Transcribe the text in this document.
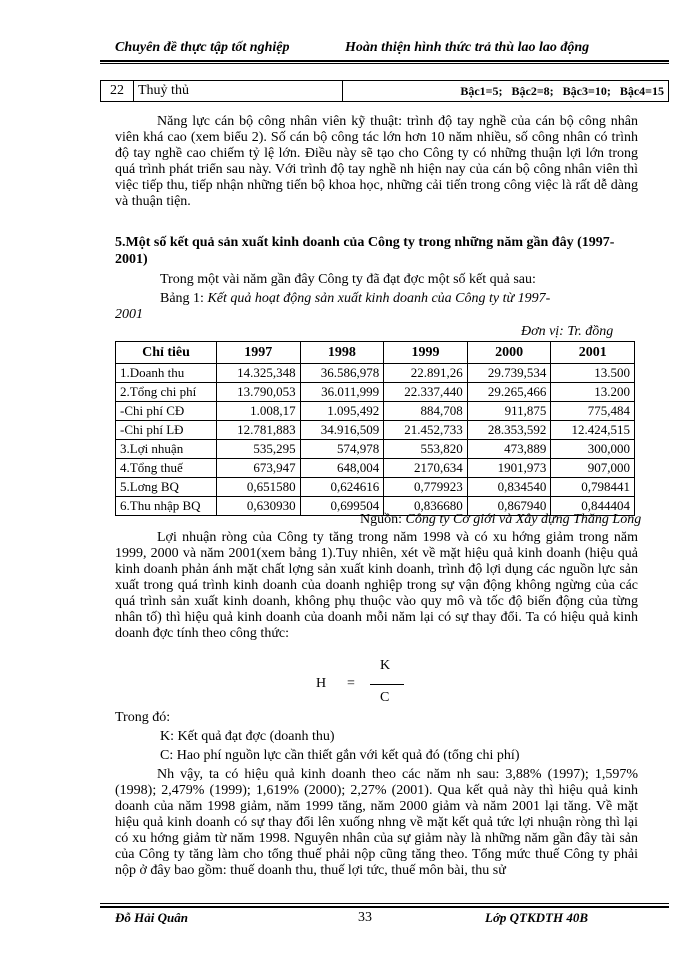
Chuyên đề thực tập tốt nghiệp	Hoàn thiện hình thức trả thù lao lao động
22	Thuỷ thủ	Bậc1=5; Bậc2=8; Bậc3=10; Bậc4=15

Năng lực cán bộ công nhân viên kỹ thuật: trình độ tay nghề của cán bộ công nhân viên khá cao (xem biểu 2). Số cán bộ công tác lớn hơn 10 năm nhiều, số công nhân có trình độ tay nghề cao chiếm tỷ lệ lớn. Điều này sẽ tạo cho Công ty có những thuận lợi lớn trong quá trình phát triển sau này. Với trình độ tay nghề nh hiện nay của cán bộ công nhân viên thì việc tiếp thu, tiếp nhận những tiến bộ khoa học, những cải tiến trong công việc là rất dễ dàng và thuận tiện.

5.Một số kết quả sản xuất kinh doanh của Công ty trong những năm gần đây (1997-2001)

Trong một vài năm gần đây Công ty đã đạt đợc một số kết quả sau:

Bảng 1: Kết quả hoạt động sản xuất kinh doanh của Công ty từ 1997-

2001

Đơn vị: Tr. đồng

Chỉ tiêu	1997	1998	1999	2000	2001
1.Doanh thu	14.325,348	36.586,978	22.891,26	29.739,534	13.500
2.Tổng chi phí	13.790,053	36.011,999	22.337,440	29.265,466	13.200
-Chi phí CĐ	1.008,17	1.095,492	884,708	911,875	775,484
-Chi phí LĐ	12.781,883	34.916,509	21.452,733	28.353,592	12.424,515
3.Lợi nhuận	535,295	574,978	553,820	473,889	300,000
4.Tổng thuế	673,947	648,004	2170,634	1901,973	907,000
5.Lơng BQ	0,651580	0,624616	0,779923	0,834540	0,798441
6.Thu nhập BQ	0,630930	0,699504	0,836680	0,867940	0,844404

Nguồn: Công ty Cơ giới và Xây dựng Thăng Long

Lợi nhuận ròng của Công ty tăng trong năm 1998 và có xu hớng giảm trong năm 1999, 2000 và năm 2001(xem bảng 1).Tuy nhiên, xét về mặt hiệu quả kinh doanh (hiệu quả kinh doanh phản ánh mặt chất lợng sản xuất kinh doanh, trình độ lợi dụng các nguồn lực sản xuất trong quá trình kinh doanh của doanh nghiệp trong sự vận động không ngừng của các quá trình sản xuất kinh doanh, không phụ thuộc vào quy mô và tốc độ biến động của từng nhân tố) thì hiệu quả kinh doanh của doanh mỗi năm lại có sự thay đổi. Ta có hiệu quả kinh doanh đợc tính theo công thức:

H =
K
C

Trong đó:

K: Kết quả đạt đợc (doanh thu)

C: Hao phí nguồn lực cần thiết gắn với kết quả đó (tổng chi phí)

Nh vậy, ta có hiệu quả kinh doanh theo các năm nh sau: 3,88% (1997); 1,597% (1998); 2,479% (1999); 1,619% (2000); 2,27% (2001). Qua kết quả này thì hiệu quả kinh doanh của năm 1998 giảm, năm 1999 tăng, năm 2000 giảm và năm 2001 lại tăng. Về mặt hiệu quả kinh doanh có sự thay đổi lên xuống nhng về mặt kết quả tức lợi nhuận ròng thì lại có xu hớng giảm từ năm 1998. Nguyên nhân của sự giảm này là những năm gần đây tài sản của Công ty tăng làm cho tổng thuế phải nộp cũng tăng theo. Tổng mức thuế Công ty phải nộp ở đây bao gồm: thuế doanh thu, thuế lợi tức, thuế môn bài, thu sử

Đỗ Hải Quân	33	Lớp QTKDTH 40B
